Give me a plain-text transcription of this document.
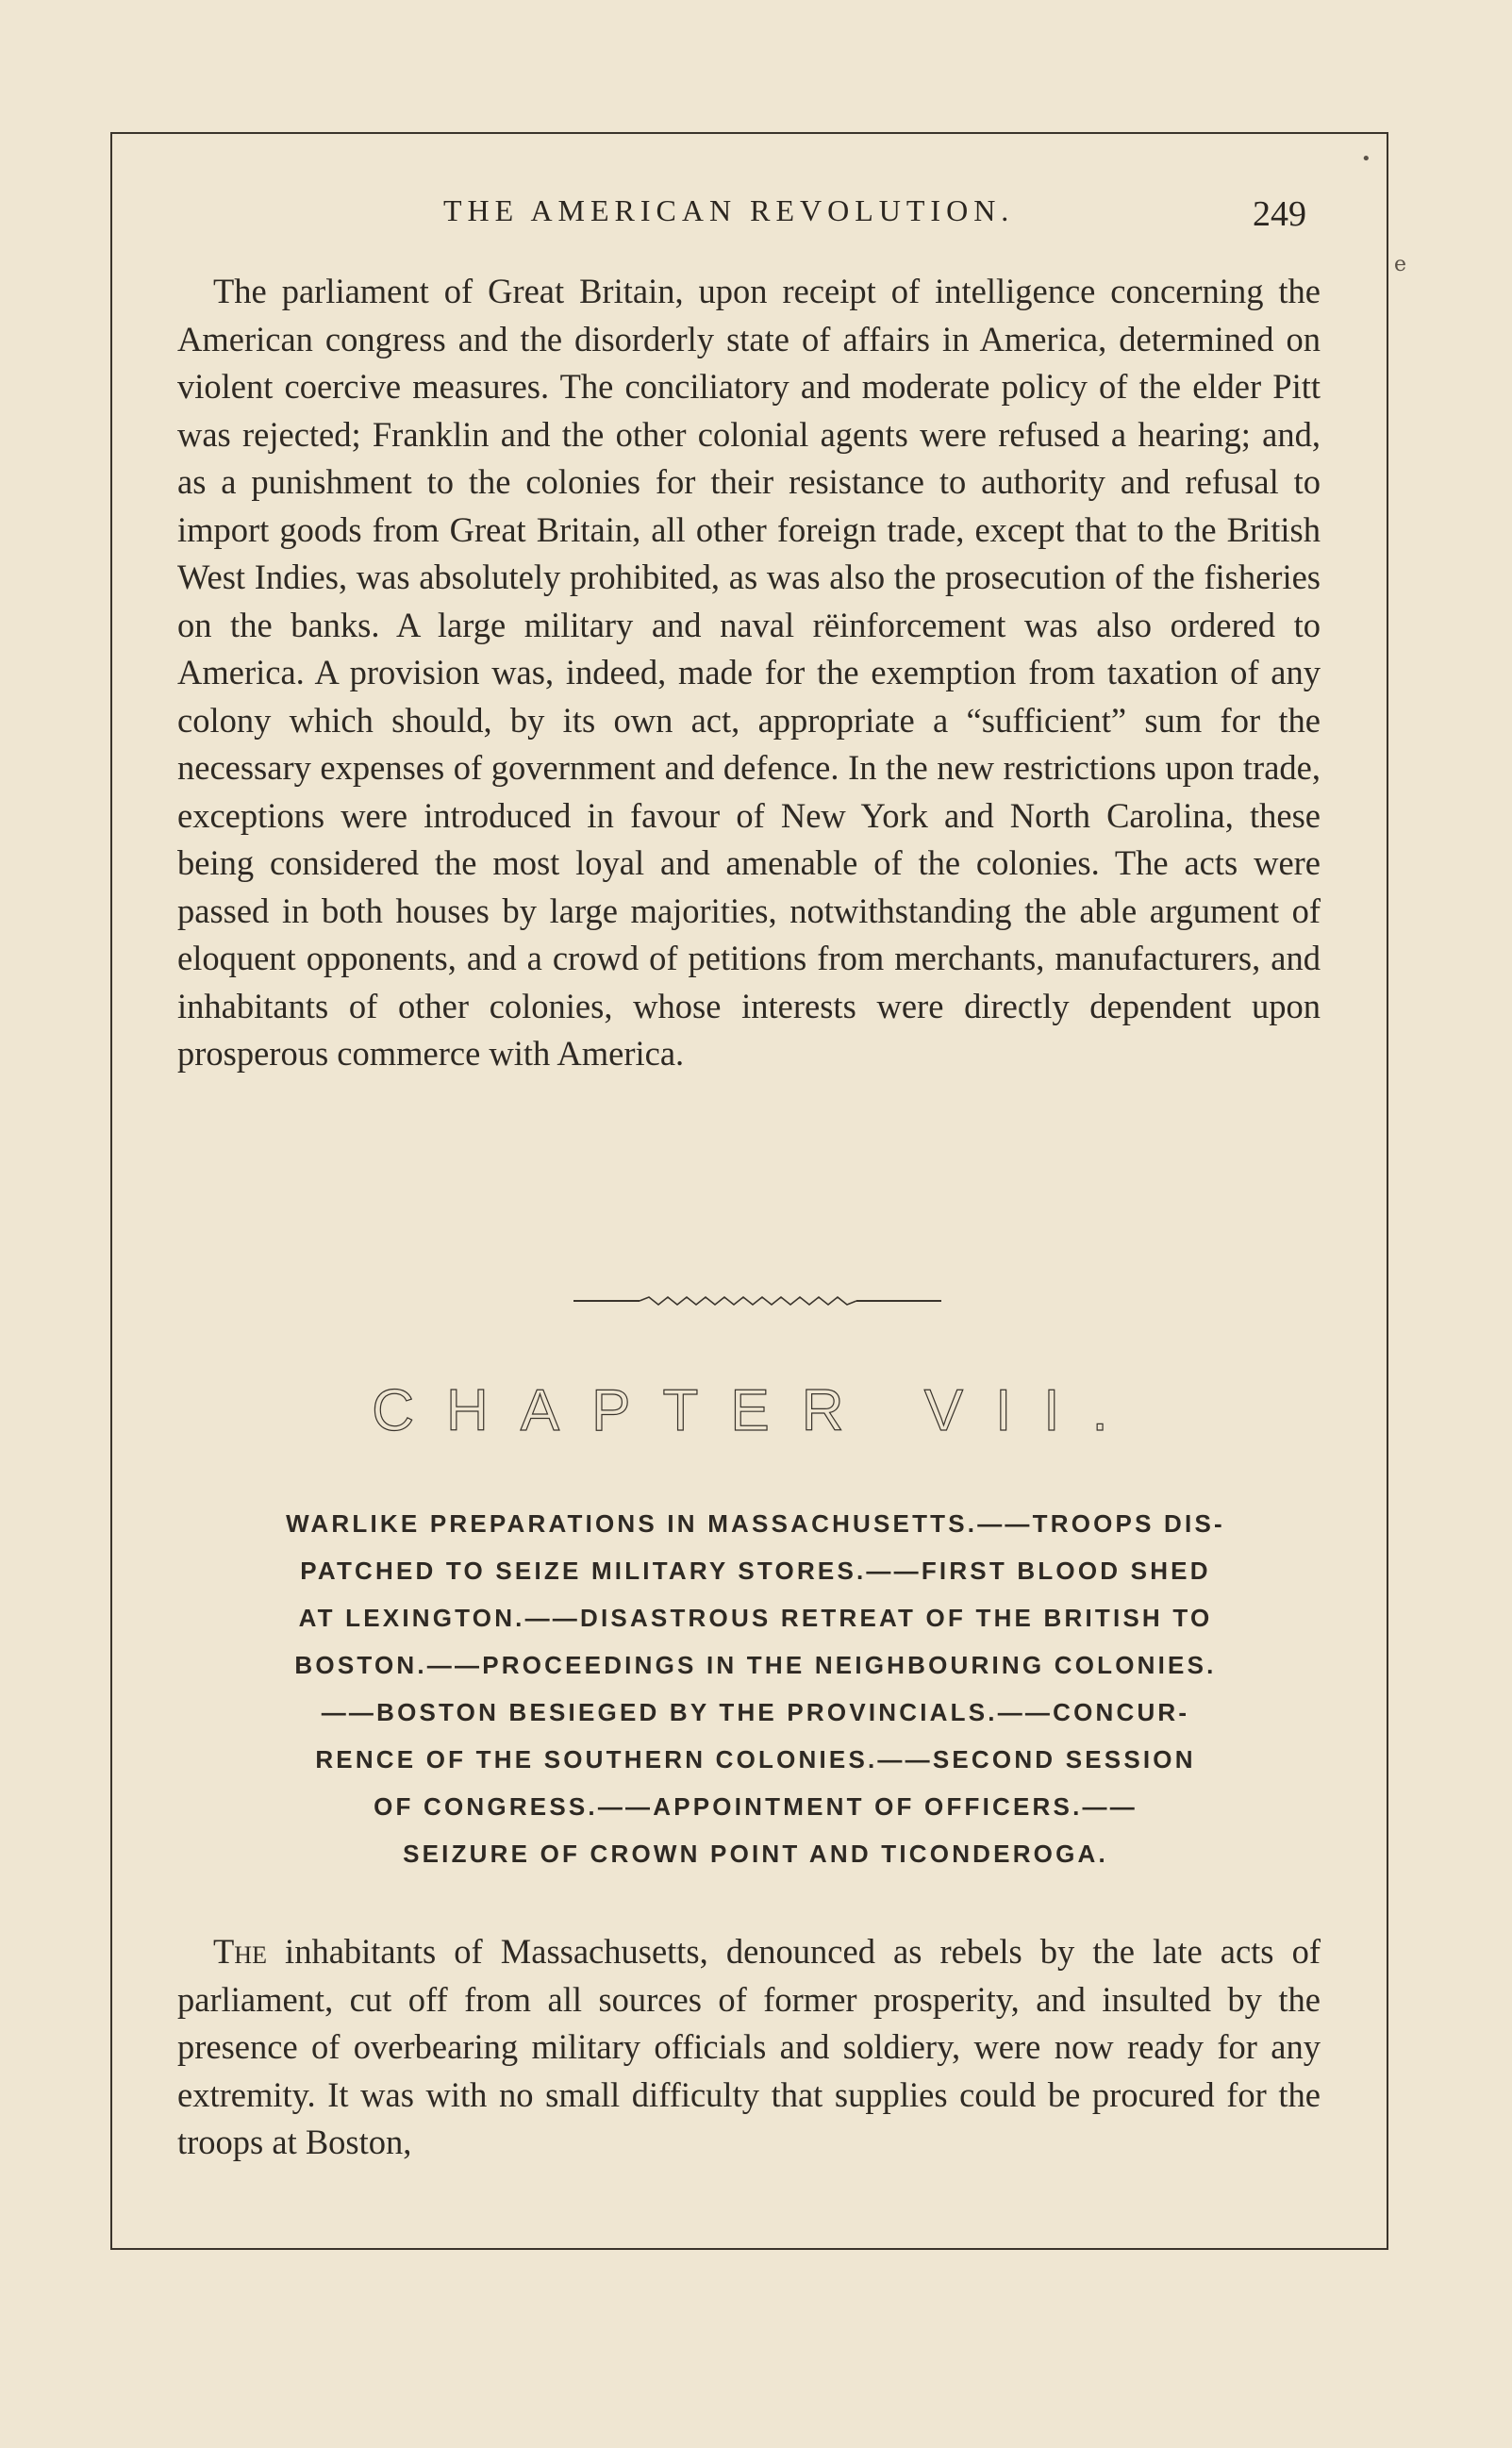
•
e
THE AMERICAN REVOLUTION.	249

The parliament of Great Britain, upon receipt of intelligence concerning the American congress and the disorderly state of affairs in America, determined on violent coercive measures. The conciliatory and moderate policy of the elder Pitt was rejected; Franklin and the other colonial agents were refused a hearing; and, as a punishment to the colonies for their resistance to authority and refusal to import goods from Great Britain, all other foreign trade, except that to the British West Indies, was absolutely prohibited, as was also the prosecution of the fisheries on the banks. A large military and naval rëinforcement was also ordered to America. A provision was, indeed, made for the exemption from taxation of any colony which should, by its own act, appropriate a “sufficient” sum for the necessary expenses of government and defence. In the new restrictions upon trade, exceptions were introduced in favour of New York and North Carolina, these being considered the most loyal and amenable of the colonies. The acts were passed in both houses by large majorities, notwithstanding the able argument of eloquent opponents, and a crowd of petitions from merchants, manufacturers, and inhabitants of other colonies, whose interests were directly dependent upon prosperous commerce with America.

CHAPTER VII.
WARLIKE PREPARATIONS IN MASSACHUSETTS.——TROOPS DIS-
PATCHED TO SEIZE MILITARY STORES.——FIRST BLOOD SHED
AT LEXINGTON.——DISASTROUS RETREAT OF THE BRITISH TO
BOSTON.——PROCEEDINGS IN THE NEIGHBOURING COLONIES.
——BOSTON BESIEGED BY THE PROVINCIALS.——CONCUR-
RENCE OF THE SOUTHERN COLONIES.——SECOND SESSION
OF CONGRESS.——APPOINTMENT OF OFFICERS.——
SEIZURE OF CROWN POINT AND TICONDEROGA.

The inhabitants of Massachusetts, denounced as rebels by the late acts of parliament, cut off from all sources of former prosperity, and insulted by the presence of overbearing military officials and soldiery, were now ready for any extremity. It was with no small difficulty that supplies could be procured for the troops at Boston,
